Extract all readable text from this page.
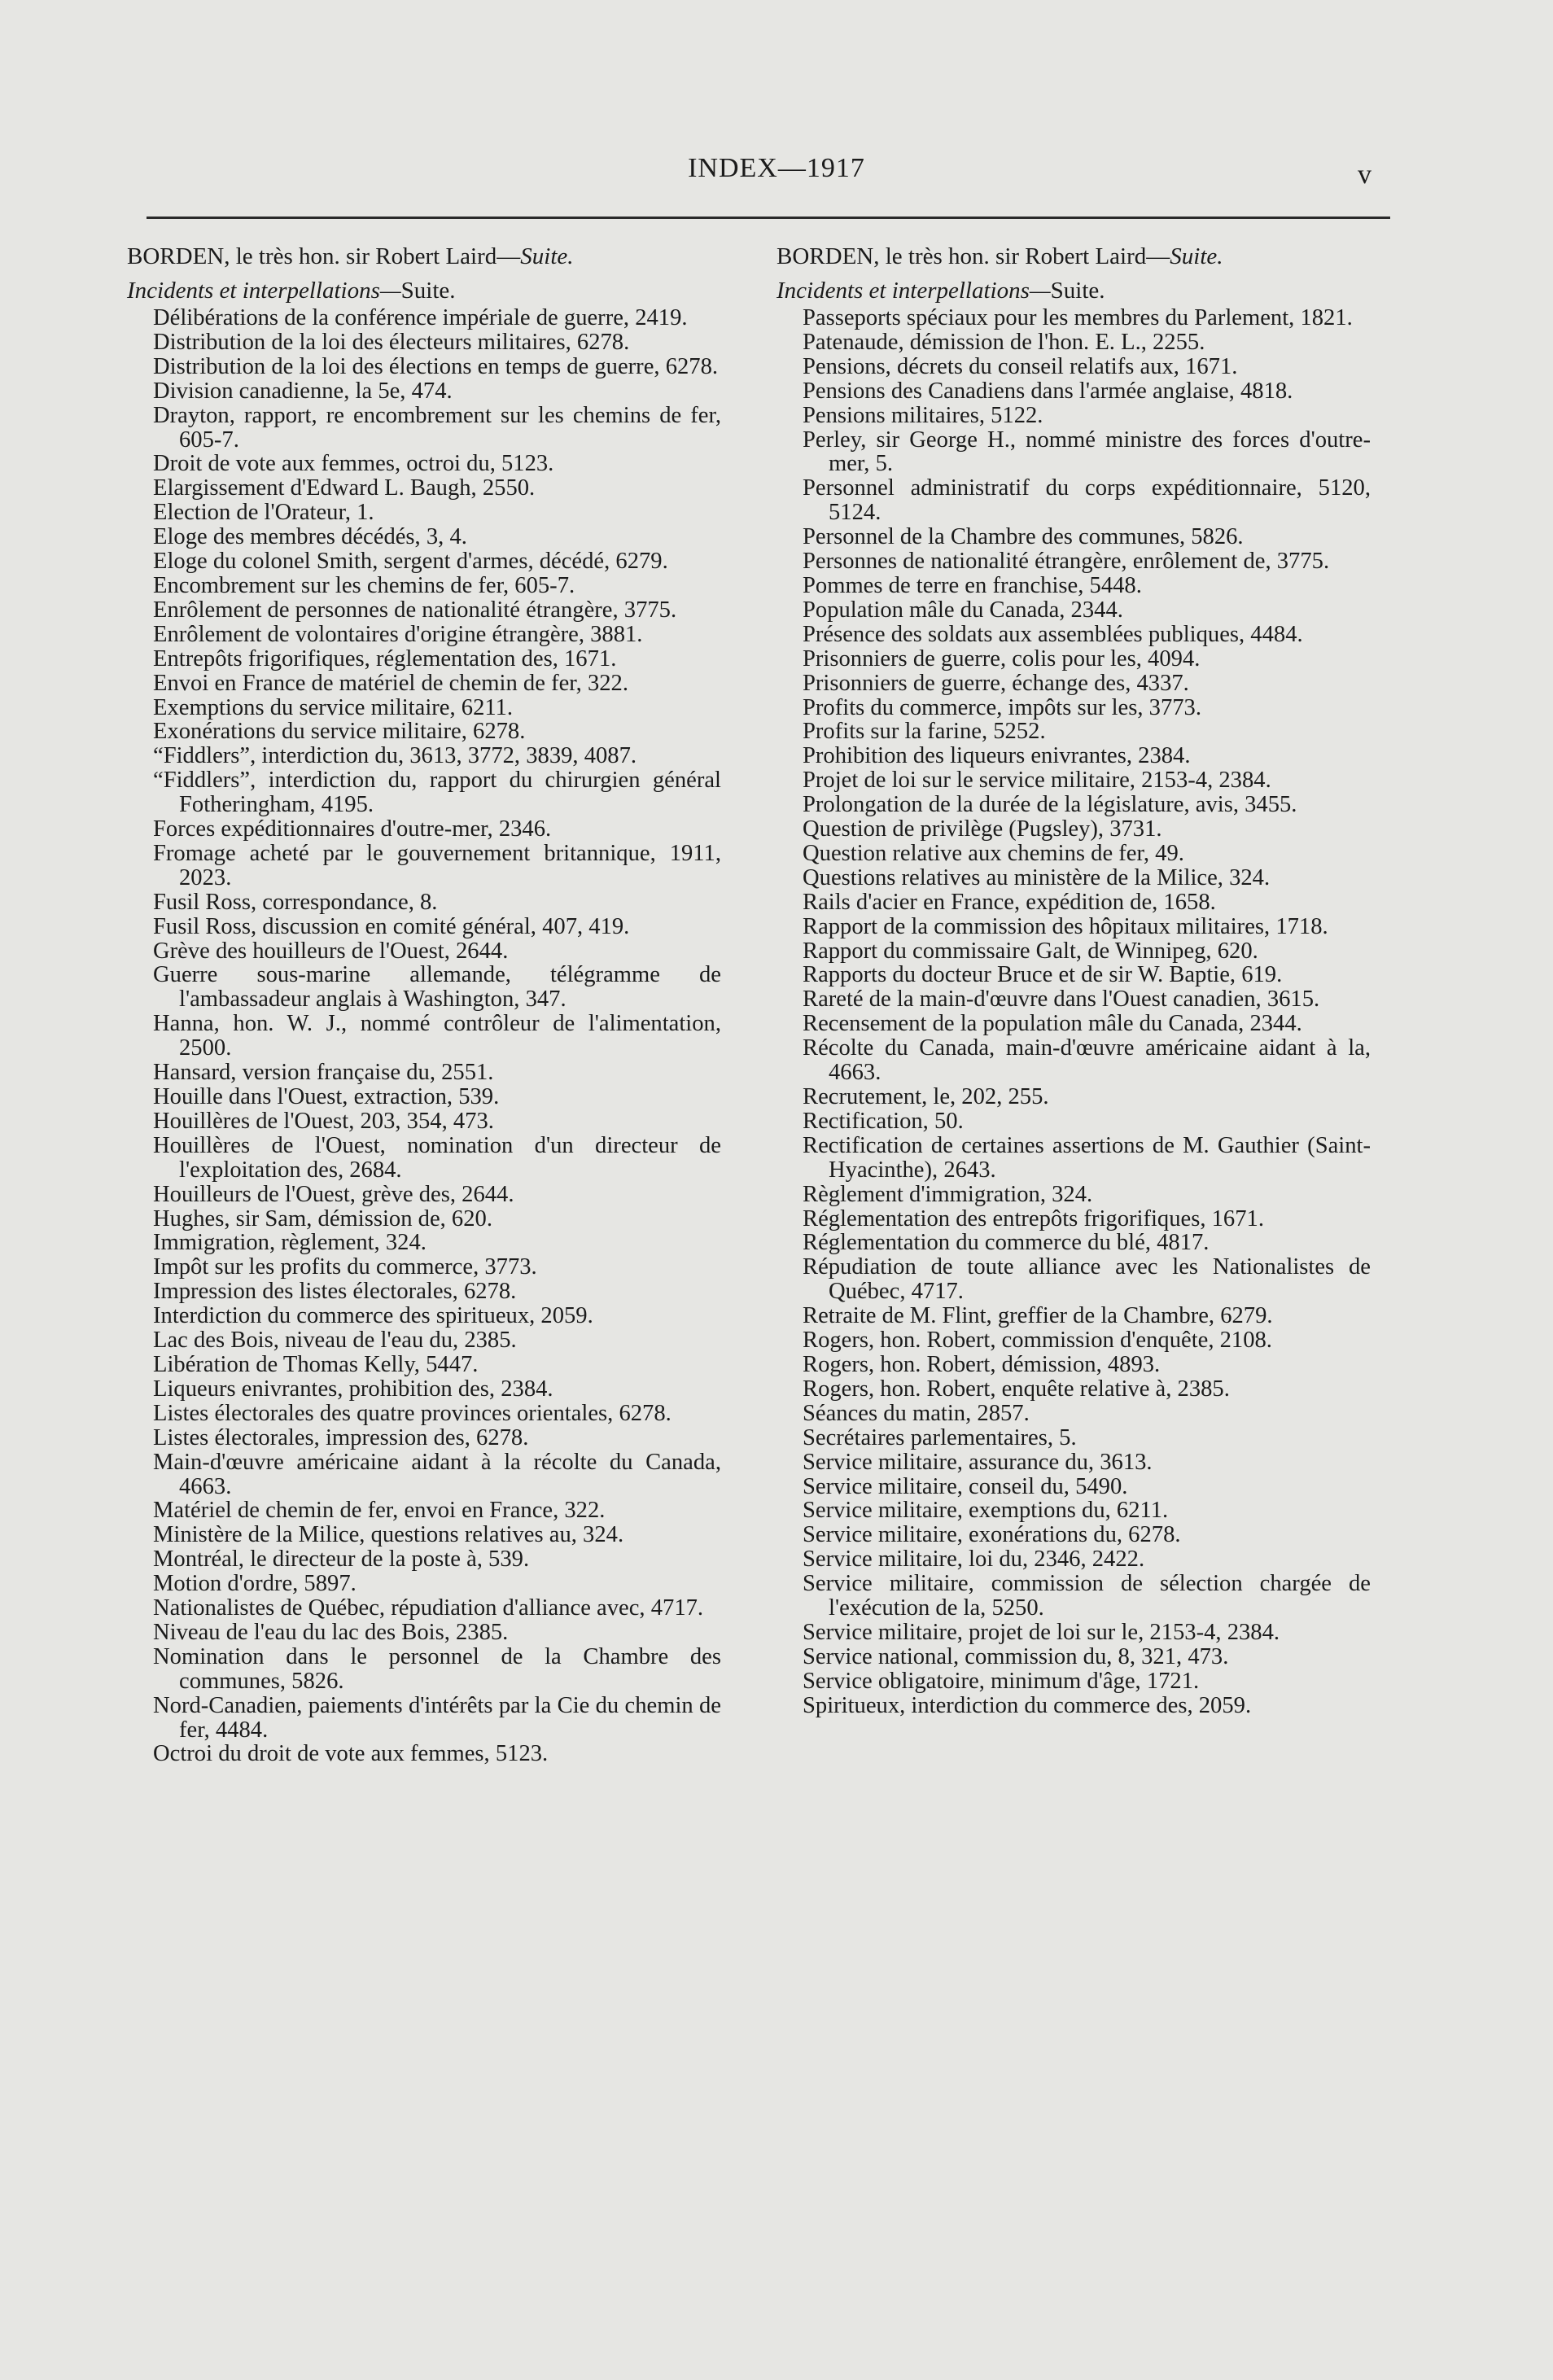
INDEX—1917	v
BORDEN, le très hon. sir Robert Laird—Suite.
Incidents et interpellations—Suite.

Délibérations de la conférence impériale de guerre, 2419.

Distribution de la loi des électeurs militaires, 6278.

Distribution de la loi des élections en temps de guerre, 6278.

Division canadienne, la 5e, 474.

Drayton, rapport, re encombrement sur les chemins de fer, 605-7.

Droit de vote aux femmes, octroi du, 5123.

Elargissement d'Edward L. Baugh, 2550.

Election de l'Orateur, 1.

Eloge des membres décédés, 3, 4.

Eloge du colonel Smith, sergent d'armes, décédé, 6279.

Encombrement sur les chemins de fer, 605-7.

Enrôlement de personnes de nationalité étrangère, 3775.

Enrôlement de volontaires d'origine étrangère, 3881.

Entrepôts frigorifiques, réglementation des, 1671.

Envoi en France de matériel de chemin de fer, 322.

Exemptions du service militaire, 6211.

Exonérations du service militaire, 6278.

“Fiddlers”, interdiction du, 3613, 3772, 3839, 4087.

“Fiddlers”, interdiction du, rapport du chirurgien général Fotheringham, 4195.

Forces expéditionnaires d'outre-mer, 2346.

Fromage acheté par le gouvernement britannique, 1911, 2023.

Fusil Ross, correspondance, 8.

Fusil Ross, discussion en comité général, 407, 419.

Grève des houilleurs de l'Ouest, 2644.

Guerre sous-marine allemande, télégramme de l'ambassadeur anglais à Washington, 347.

Hanna, hon. W. J., nommé contrôleur de l'alimentation, 2500.

Hansard, version française du, 2551.

Houille dans l'Ouest, extraction, 539.

Houillères de l'Ouest, 203, 354, 473.

Houillères de l'Ouest, nomination d'un directeur de l'exploitation des, 2684.

Houilleurs de l'Ouest, grève des, 2644.

Hughes, sir Sam, démission de, 620.

Immigration, règlement, 324.

Impôt sur les profits du commerce, 3773.

Impression des listes électorales, 6278.

Interdiction du commerce des spiritueux, 2059.

Lac des Bois, niveau de l'eau du, 2385.

Libération de Thomas Kelly, 5447.

Liqueurs enivrantes, prohibition des, 2384.

Listes électorales des quatre provinces orientales, 6278.

Listes électorales, impression des, 6278.

Main-d'œuvre américaine aidant à la récolte du Canada, 4663.

Matériel de chemin de fer, envoi en France, 322.

Ministère de la Milice, questions relatives au, 324.

Montréal, le directeur de la poste à, 539.

Motion d'ordre, 5897.

Nationalistes de Québec, répudiation d'alliance avec, 4717.

Niveau de l'eau du lac des Bois, 2385.

Nomination dans le personnel de la Chambre des communes, 5826.

Nord-Canadien, paiements d'intérêts par la Cie du chemin de fer, 4484.

Octroi du droit de vote aux femmes, 5123.

BORDEN, le très hon. sir Robert Laird—Suite.
Incidents et interpellations—Suite.

Passeports spéciaux pour les membres du Parlement, 1821.

Patenaude, démission de l'hon. E. L., 2255.

Pensions, décrets du conseil relatifs aux, 1671.

Pensions des Canadiens dans l'armée anglaise, 4818.

Pensions militaires, 5122.

Perley, sir George H., nommé ministre des forces d'outre-mer, 5.

Personnel administratif du corps expéditionnaire, 5120, 5124.

Personnel de la Chambre des communes, 5826.

Personnes de nationalité étrangère, enrôlement de, 3775.

Pommes de terre en franchise, 5448.

Population mâle du Canada, 2344.

Présence des soldats aux assemblées publiques, 4484.

Prisonniers de guerre, colis pour les, 4094.

Prisonniers de guerre, échange des, 4337.

Profits du commerce, impôts sur les, 3773.

Profits sur la farine, 5252.

Prohibition des liqueurs enivrantes, 2384.

Projet de loi sur le service militaire, 2153-4, 2384.

Prolongation de la durée de la législature, avis, 3455.

Question de privilège (Pugsley), 3731.

Question relative aux chemins de fer, 49.

Questions relatives au ministère de la Milice, 324.

Rails d'acier en France, expédition de, 1658.

Rapport de la commission des hôpitaux militaires, 1718.

Rapport du commissaire Galt, de Winnipeg, 620.

Rapports du docteur Bruce et de sir W. Baptie, 619.

Rareté de la main-d'œuvre dans l'Ouest canadien, 3615.

Recensement de la population mâle du Canada, 2344.

Récolte du Canada, main-d'œuvre américaine aidant à la, 4663.

Recrutement, le, 202, 255.

Rectification, 50.

Rectification de certaines assertions de M. Gauthier (Saint-Hyacinthe), 2643.

Règlement d'immigration, 324.

Réglementation des entrepôts frigorifiques, 1671.

Réglementation du commerce du blé, 4817.

Répudiation de toute alliance avec les Nationalistes de Québec, 4717.

Retraite de M. Flint, greffier de la Chambre, 6279.

Rogers, hon. Robert, commission d'enquête, 2108.

Rogers, hon. Robert, démission, 4893.

Rogers, hon. Robert, enquête relative à, 2385.

Séances du matin, 2857.

Secrétaires parlementaires, 5.

Service militaire, assurance du, 3613.

Service militaire, conseil du, 5490.

Service militaire, exemptions du, 6211.

Service militaire, exonérations du, 6278.

Service militaire, loi du, 2346, 2422.

Service militaire, commission de sélection chargée de l'exécution de la, 5250.

Service militaire, projet de loi sur le, 2153-4, 2384.

Service national, commission du, 8, 321, 473.

Service obligatoire, minimum d'âge, 1721.

Spiritueux, interdiction du commerce des, 2059.
